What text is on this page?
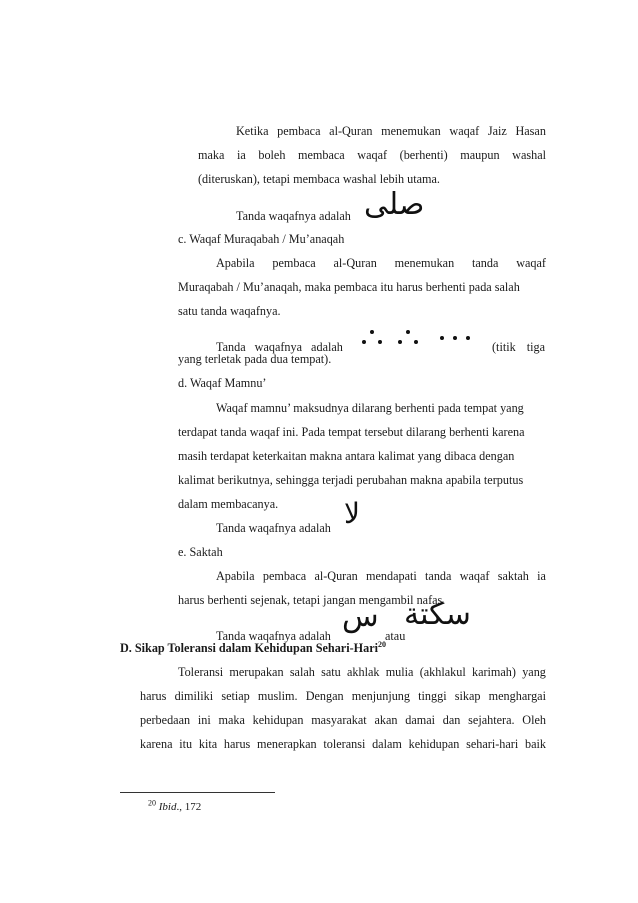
Ketika pembaca al-Quran menemukan waqaf Jaiz Hasan
maka ia boleh membaca waqaf (berhenti) maupun washal
(diteruskan), tetapi membaca washal lebih utama.
Tanda waqafnya adalah صلى
c. Waqaf Muraqabah / Mu’anaqah
Apabila pembaca al-Quran menemukan tanda waqaf
Muraqabah / Mu’anaqah, maka pembaca itu harus berhenti pada salah
satu tanda waqafnya.
Tanda waqafnya adalah	(titik tiga
yang terletak pada dua tempat).
d. Waqaf Mamnu’
Waqaf mamnu’ maksudnya dilarang berhenti pada tempat yang
terdapat tanda waqaf ini. Pada tempat tersebut dilarang berhenti karena
masih terdapat keterkaitan makna antara kalimat yang dibaca dengan
kalimat berikutnya, sehingga terjadi perubahan makna apabila terputus
dalam membacanya.
Tanda waqafnya adalah لا
e. Saktah
Apabila pembaca al-Quran mendapati tanda waqaf saktah ia
harus berhenti sejenak, tetapi jangan mengambil nafas.
Tanda waqafnya adalah
س
atau
سكتة
D. Sikap Toleransi dalam Kehidupan Sehari-Hari$^{20}$
Toleransi merupakan salah satu akhlak mulia (akhlakul karimah) yang
harus dimiliki setiap muslim. Dengan menjunjung tinggi sikap menghargai
perbedaan ini maka kehidupan masyarakat akan damai dan sejahtera. Oleh
karena itu kita harus menerapkan toleransi dalam kehidupan sehari-hari baik
$^{20}$ Ibid., 172
